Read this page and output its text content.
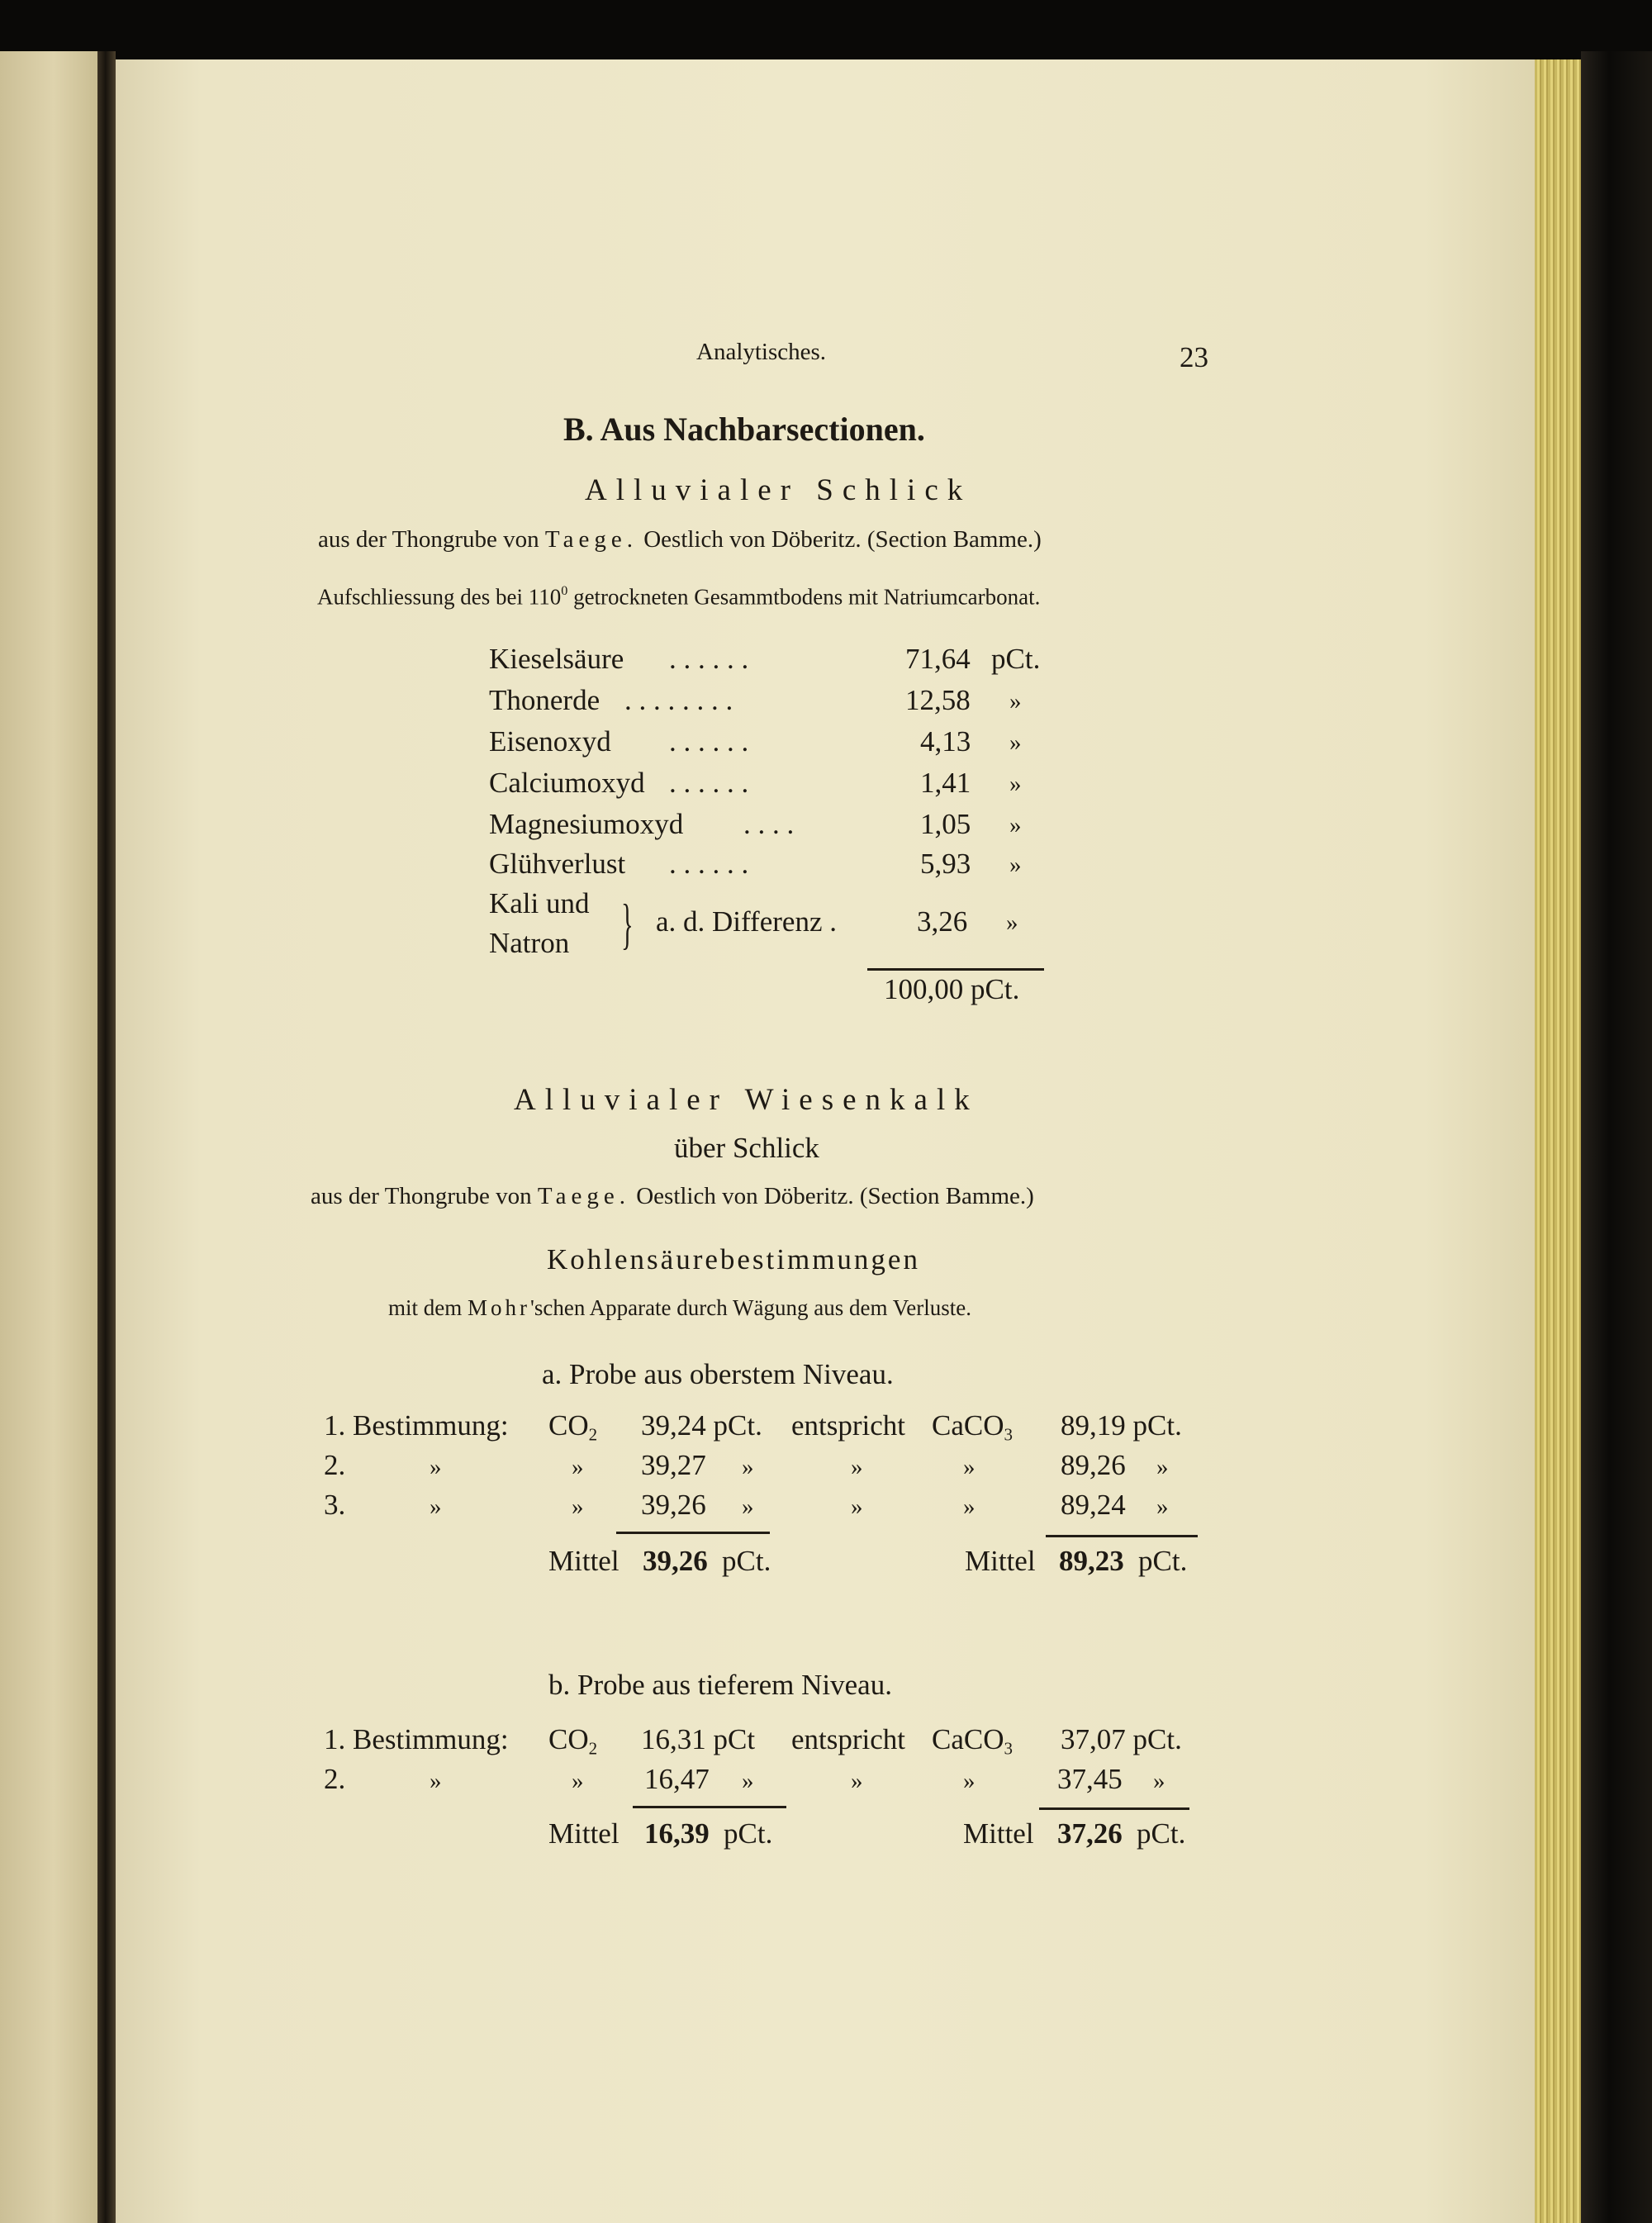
Analytisches.	23
B. Aus Nachbarsectionen.
Alluvialer Schlick
aus der Thongrube von Taege. Oestlich von Döberitz. (Section Bamme.)
Aufschliessung des bei $110^0$ getrockneten Gesammtbodens mit Natriumcarbonat.
Kieselsäure . . . . . .	71,64 pCt.
Thonerde . . . . . . . .	12,58 »
Eisenoxyd . . . . . .	4,13 »
Calciumoxyd . . . . . .	1,41 »
Magnesiumoxyd . . . .	1,05 »
Glühverlust . . . . . .	5,93 »
Kali und
Natron } a. d. Differenz .	3,26 »
100,00 pCt.
Alluvialer Wiesenkalk
über Schlick
aus der Thongrube von Taege. Oestlich von Döberitz. (Section Bamme.)
Kohlensäurebestimmungen
mit dem Mohr'schen Apparate durch Wägung aus dem Verluste.
a. Probe aus oberstem Niveau.
1. Bestimmung: $CO_2$ 39,24 pCt. entspricht CaCO$_3$ 89,19 pCt.
2.	»	» 39,27 »	»	»	89,26 »
3.	»	» 39,26 »	»	»	89,24 »
Mittel 39,26 pCt.	Mittel 89,23 pCt.
b. Probe aus tieferem Niveau.
1. Bestimmung: $CO_2$ 16,31 pCt entspricht CaCO$_3$ 37,07 pCt.
2.	»	» 16,47 »	»	»	37,45 »
Mittel 16,39 pCt.	Mittel 37,26 pCt.
